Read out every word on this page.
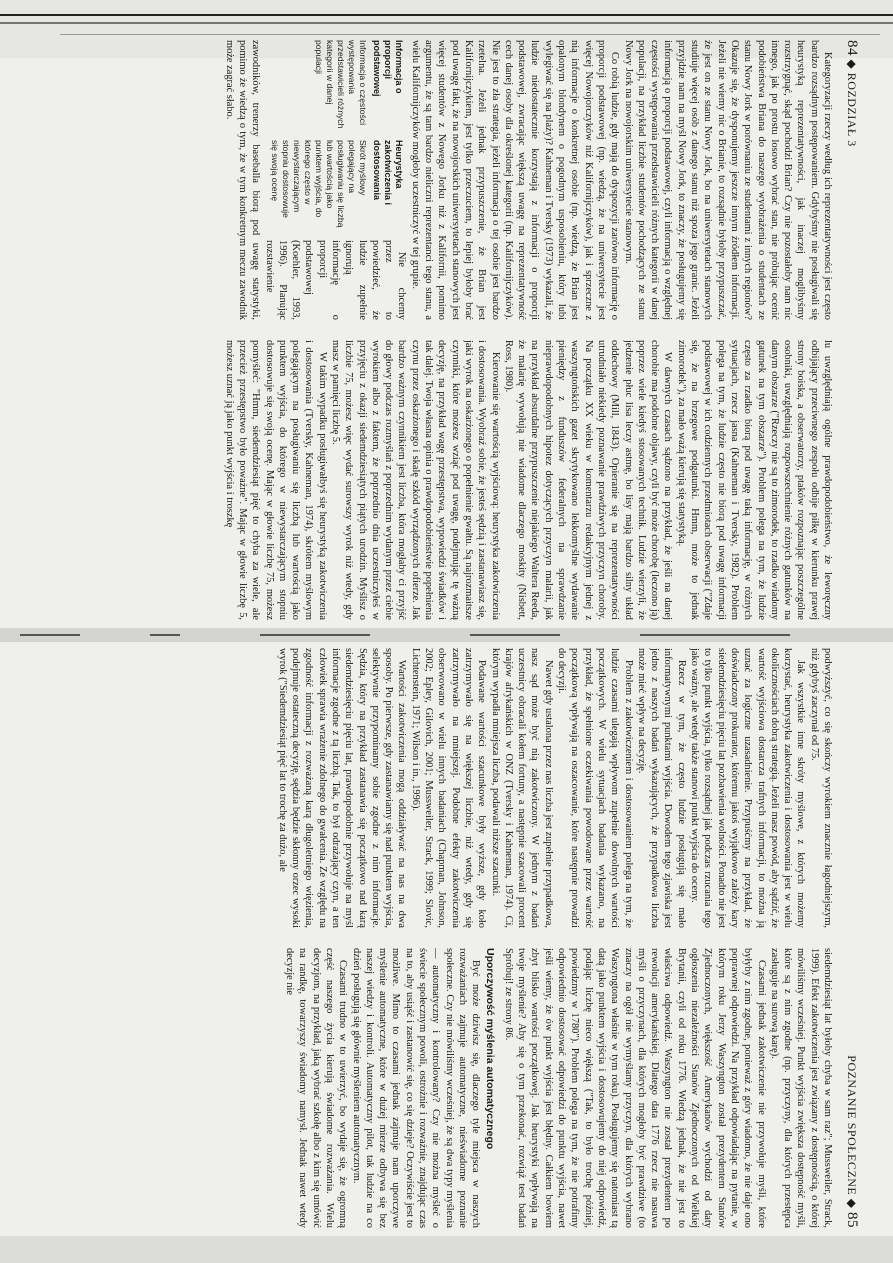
84 ◆ ROZDZIAŁ 3

Kategoryzacji rzeczy według ich reprezentatywności jest często bardzo rozsądnym postępowaniem. Gdybyśmy nie posługiwali się heurystyką reprezentatywności, jak inaczej moglibyśmy rozstrzygnąć, skąd pochodzi Brian? Czy nie pozostałoby nam nic innego, jak po prostu losowo wybrać stan, nie próbując ocenić podobieństwa Briana do naszego wyobrażenia o studentach ze stanu Nowy Jork w porównaniu ze studentami z innych regionów? Okazuje się, że dysponujemy jeszcze innym źródłem informacji. Jeżeli nie wiemy nic o Brianie, to rozsądnie byłoby przypuszczać, że jest on ze stanu Nowy Jork, bo na uniwersytetach stanowych studiuje więcej osób z danego stanu niż spoza jego granic. Jeżeli przyjdzie nam na myśl Nowy Jork, to znaczy, że posługujemy się informacją o proporcji podstawowej, czyli informacją o względnej częstości występowania przedstawicieli różnych kategorii w danej populacji, na przykład liczbie studentów pochodzących ze stanu Nowy Jork na nowojorskim uniwersytecie stanowym.

Co robią ludzie, gdy mają do dyspozycji zarówno informację o proporcji podstawowej (np. wiedzą, że na uniwersytecie jest więcej Nowojorczyków niż Kalifornijczyków), jak i sprzeczne z nią informacje o konkretnej osobie (np. wiedzą, że Brian jest opalonym blondynem o pogodnym usposobieniu, który lubi wylegiwać się na plaży)? Kahneman i Tversky (1973) wykazali, że ludzie niedostatecznie korzystają z informacji o proporcji podstawowej, zwracając większą uwagę na reprezentatywność cech danej osoby dla określonej kategorii (np. Kalifornijczyków). Nie jest to zła strategia, jeżeli informacja o tej osobie jest bardzo rzetelna. Jeżeli jednak przypuszczenie, że Brian jest Kalifornijczykiem, jest tylko przeczuciem, to lepiej byłoby brać pod uwagę fakt, że na nowojorskich uniwersytetach stanowych jest więcej studentów z Nowego Jorku niż z Kalifornii, pomimo argumentu, że są tam bardzo nieliczni reprezentanci tego stanu, a wielu Kalifornijczyków mogłoby uczestniczyć w tej grupie.

Informacja o proporcji podstawowej
Informacja o częstości występowania przedstawicieli różnych kategorii w danej populacji
Heurystyka zakotwiczenia i dostosowania
Skrót myślowy polegający na posługiwaniu się liczbą lub wartością jako punktem wyjścia, do którego często w niewystarczającym stopniu dostosowuje się swoją ocenę

Nie chcemy przez to powiedzieć, że ludzie zupełnie ignorują informację o proporcji podstawowej (Koehler, 1993, 1996). Planując rozstawienie zawodników, trenerzy baseballa biorą pod uwagę statystyki, pomimo że wiedzą o tym, że w tym konkretnym meczu zawodnik może zagrać słabo.

lu uwzględniają ogólne prawdopodobieństwo, że leworęczny odbijający przeciwnego zespołu odbije piłkę w kierunku prawej strony boiska, a obserwatorzy, ptaków rozpoznając poszczególne osobniki, uwzględniają rozpowszechnienie różnych gatunków na danym obszarze ("Rzeczy nie są to zimorodek, to rzadko wiadomy gatunek na tym obszarze"). Problem polega na tym, że ludzie często za rzadko biorą pod uwagę taką informację, w różnych sytuacjach, rzecz jasna (Kahneman i Tversky, 1982). Problem polega na tym, że ludzie często nie biorą pod uwagę informacji podstawowej w ich codziennych przedmiotach obserwacji ("Zdaje się, że na brzegowe podgatunki. Hmm, może to jednak zimorodek"), za mało ważą kierują się statystyką.

W dawnych czasach sądzono na przykład, że jeśli na danej chorobie ma podobne objawy, czyli być może chorobę (leczono ją) poprzez wiele kiedyś stosowanych technik. Ludzie wierzyli, że jedzenie płuc lisa leczy astmę, bo lisy mają bardzo silny układ oddechowy (Mill, 1843). Opieranie się na reprezentatywności utrudniało niekiedy poznawanie prawdziwych przyczyn choroby. Na początku XX wieku w komentarzu redakcyjnym jednej z waszyngtońskich gazet skrytykowano lekkomyślne wydawanie pieniędzy z funduszów federalnych na sprawdzanie nieprawdopodobnych hipotez dotyczących przyczyn malarii, jak na przykład absurdalne przypuszczenie niejakiego Waltera Reeda, że malarię wywołują nie wiadome dlaczego moskity (Nisbett, Ross, 1980).

Kierowanie się wartością wyjściową: heurystyka zakotwiczenia i dostosowania. Wyobraź sobie, że jesteś sędzią i zastanawiasz się, jaki wyrok na oskarżonego o popełnienie gwałtu. Są najrozmaitsze czynniki, które możesz wziąć pod uwagę, podejmując tę ważną decyzję, na przykład wagę przestępstwa, wypowiedzi świadków i tak dalej. Twoja własna opinia o prawdopodobieństwie popełnienia czynu przez oskarżonego i skalę szkód wyrządzonych ofierze. Jak bardzo ważnym czynnikiem jest liczba, która mogłaby ci przyjść do głowy podczas rozmyślań z poprzednim wydanym przez ciebie wyrokiem albo z faktem, że poprzednio dnia uczestniczyłeś w przyjęciu z okazji siedemdziesiątych piątych urodzin. Myślisz o liczbie 75, możesz więc wydać surowszy wyrok niż wtedy, gdy masz w pamięci liczbę 5.

W takim wypadku posługiwałbyś się heurystyką zakotwiczenia i dostosowania (Tversky, Kahneman, 1974), skrótem myślowym polegającym na posługiwaniu się liczbą lub wartością jako punktem wyjścia, do którego w niewystarczającym stopniu dostosowuje się swoją ocenę. Mając w głowie liczbę 75, możesz pomyśleć: "Hmm, siedemdziesiąt pięć to chyba za wiele, ale przecież przestępstwo było poważne". Mając w głowie liczbę 5, możesz uznać ją jako punkt wyjścia i troszkę

POZNANIE SPOŁECZNE ◆ 85

podwyższyć, co się skończy wyrokiem znacznie łagodniejszym, niż gdybyś zaczynał od 75.

Jak wszystkie inne skróty myślowe, z których możemy korzystać, heurystyka zakotwiczenia i dostosowania jest w wielu okolicznościach dobrą strategią. Jeżeli masz powód, aby sądzić, że wartość wyjściowa dostarcza trafnych informacji, to można ją uznać za logiczne uzasadnienie. Przypuśćmy na przykład, że doświadczony prokurator, któremu jakoś wyjątkowo zależy kary siedemdziesięciu pięciu lat pozbawienia wolności. Ponadto nie jest to tylko punkt wyjścia, tylko rozsądnej jak podczas rzucania tego jako ważny, ale wtedy także stanowi punkt wyjścia do oceny.

Rzecz w tym, że często ludzie posługują się mało informatywnymi punktami wyjścia. Dowodem tego zjawiska jest jedno z naszych badań wykazujących, że przypadkowa liczba może mieć wpływ na decyzję.

Problem z zakotwiczeniem i dostosowaniem polega na tym, że ludzie czasami ulegają wpływom zupełnie dowolnych wartości początkowych. W wielu sytuacjach badania wykazano, na przykład, że spełnione oczekiwania powodowane przez wartość początkową wpływają na oszacowanie, które następnie prowadzi do decyzji.

Nawet gdy ustalona przez nas liczba jest zupełnie przypadkowa, nasz sąd może być nią zakotwiczony. W jednym z badań uczestnicy obracali kołem fortuny, a następnie szacowali procent krajów afrykańskich w ONZ (Tversky i Kahneman, 1974). Ci, którym wypadła mniejsza liczba, podawali niższe szacunki.

Podawane wartości szacunkowe były wyższe, gdy koło zatrzymywało się na większej liczbie, niż wtedy, gdy się zatrzymywało na mniejszej. Podobne efekty zakotwiczenia obserwowano w wielu innych badaniach (Chapman, Johnson, 2002; Epley, Gilovich, 2001; Mussweiler, Strack, 1999; Slovic, Lichtenstein, 1971; Wilson i in., 1996).

Wartości zakotwiczenia mogą oddziaływać na nas na dwa sposoby. Po pierwsze, gdy zastanawiamy się nad punktem wyjścia, selektywnie przypominamy sobie zgodne z nim informacje. Sędzia, który na przykład zastanawia się początkowo nad karą siedemdziesięciu pięciu lat, prawdopodobnie przywołuje na myśl informacje zgodne z tą liczbą. Tak, to był odrażający czyn, a ten człowiek sprawia wrażenie zdolnego do gwałcenia. Ze względu na zgodność informacji z rozważaną karą długoletniego więzienia, podejmuje ostateczną decyzję, sędzia będzie skłonny orzec wysoki wyrok ("Siedemdziesiąt pięć lat to trochę za dużo, ale

siedemdziesiąt lat byłoby chyba w sam raz"; Mussweiler, Strack, 1999). Efekt zakotwiczenia jest związany z dostępnością, o której mówiliśmy wcześniej. Punkt wyjścia zwiększa dostępność myśli, które są z nim zgodne (np. przyczyny, dla których przestępca zasługuje na surową karę).

Czasami jednak zakotwiczenie nie przywołuje myśli, które byłyby z nim zgodne, ponieważ z góry wiadomo, że nie daje ono poprawnej odpowiedzi. Na przykład odpowiadając na pytanie, w którym roku Jerzy Waszyngton został prezydentem Stanów Zjednoczonych, większość Amerykanów wychodzi od daty ogłoszenia niezależności Stanów Zjednoczonych od Wielkiej Brytanii, czyli od roku 1776. Wiedzą jednak, że nie jest to właściwa odpowiedź. Waszyngton nie został prezydentem po rewolucji amerykańskiej. Dlatego data 1776 rzecz nie nasuwa myśli o przyczynach, dla których mogłoby być prawdziwe (to znaczy na ogół nie wymyślamy przyczyn, dla których wybrano Waszyngtona właśnie w tym roku). Posługujemy się natomiast tą datą jako punktem wyjścia i dostosowujemy do niej odpowiedź, podając liczbę nieco większą ("Tak, to było trochę później, powiedzmy w 1780"). Problem polega na tym, że nie potrafimy odpowiednio dostosować odpowiedzi do punktu wyjścia, nawet jeśli wiemy, że ów punkt wyjścia jest błędny. Całkiem bowiem zbyt blisko wartości początkowej. Jak heurystyki wpływają na twoje myślenie? Aby się o tym przekonać, rozwiąż test badań Spróbuj! ze strony 86.

Uporczywość myślenia automatycznego

Być może dziwisz się, dlaczego tyle miejsca w naszych rozważaniach zajmuje automatyczne, nieświadome poznanie społeczne. Czy nie mówiliśmy wcześniej, że są dwa typy myślenia — automatyczny i kontrolowany? Czy nie można myśleć o świecie społecznym powoli, ostrożnie i rozważnie, znajdując czas na to, aby usiąść i zastanowić się, co się dzieje? Oczywiście jest to możliwe. Mimo to czasami jednak zajmuje nam uporczywe myślenie automatyczne, które w dużej mierze odbywa się bez naszej wiedzy i kontroli. Automatyczny pilot, tak ludzie na co dzień posługują się głównie myśleniem automatycznym.

Czasami trudno w to uwierzyć, bo wydaje się, że ogromną część naszego życia kierują świadome rozważania. Wielu decyzjom, na przykład, jaką wybrać szkołę albo z kim się umówić na randkę, towarzyszy świadomy namysł. Jednak nawet wtedy decyzje nie
